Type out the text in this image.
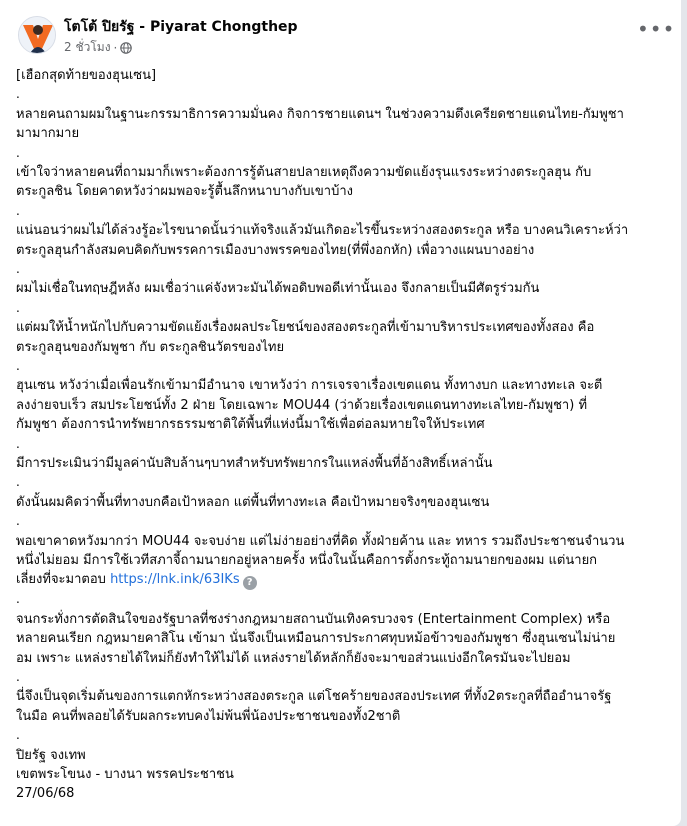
โตโต้ ปิยรัฐ - Piyarat Chongthep
2 ชั่วโมง ·
•••

[เฮือกสุดท้ายของฮุนเซน]

.

หลายคนถามผมในฐานะกรรมาธิการความมั่นคง กิจการชายแดนฯ ในช่วงความตึงเครียดชายแดนไทย-กัมพูชา

มามากมาย

.

เข้าใจว่าหลายคนที่ถามมาก็เพราะต้องการรู้ต้นสายปลายเหตุถึงความขัดแย้งรุนแรงระหว่างตระกูลฮุน กับ

ตระกูลชิน โดยคาดหวังว่าผมพอจะรู้ตื้นลึกหนาบางกับเขาบ้าง

.

แน่นอนว่าผมไม่ได้ล่วงรู้อะไรขนาดนั้นว่าแท้จริงแล้วมันเกิดอะไรขึ้นระหว่างสองตระกูล หรือ บางคนวิเคราะห์ว่า

ตระกูลฮุนกำลังสมคบคิดกับพรรคการเมืองบางพรรคของไทย(ที่พึ่งอกหัก) เพื่อวางแผนบางอย่าง

.

ผมไม่เชื่อในทฤษฎีหลัง ผมเชื่อว่าแค่จังหวะมันได้พอดิบพอดีเท่านั้นเอง จึงกลายเป็นมีศัตรูร่วมกัน

.

แต่ผมให้น้ำหนักไปกับความขัดแย้งเรื่องผลประโยชน์ของสองตระกูลที่เข้ามาบริหารประเทศของทั้งสอง คือ

ตระกูลฮุนของกัมพูชา กับ ตระกูลชินวัตรของไทย

.

ฮุนเซน หวังว่าเมื่อเพื่อนรักเข้ามามีอำนาจ เขาหวังว่า การเจรจาเรื่องเขตแดน ทั้งทางบก และทางทะเล จะตี

ลงง่ายจบเร็ว สมประโยชน์ทั้ง 2 ฝ่าย โดยเฉพาะ MOU44 (ว่าด้วยเรื่องเขตแดนทางทะเลไทย-กัมพูชา) ที่

กัมพูชา ต้องการนำทรัพยากรธรรมชาติใต้พื้นที่แห่งนี้มาใช้เพื่อต่อลมหายใจให้ประเทศ

.

มีการประเมินว่ามีมูลค่านับสิบล้านๆบาทสำหรับทรัพยากรในแหล่งพื้นที่อ้างสิทธิ์เหล่านั้น

.

ดังนั้นผมคิดว่าพื้นที่ทางบกคือเป้าหลอก แต่พื้นที่ทางทะเล คือเป้าหมายจริงๆของฮุนเซน

.

พอเขาคาดหวังมากว่า MOU44 จะจบง่าย แต่ไม่ง่ายอย่างที่คิด ทั้งฝ่ายค้าน และ ทหาร รวมถึงประชาชนจำนวน

หนึ่งไม่ยอม มีการใช้เวทีสภาจี้ถามนายกอยู่หลายครั้ง หนึ่งในนั้นคือการตั้งกระทู้ถามนายกของผม แต่นายก

เลี่ยงที่จะมาตอบ https://lnk.ink/63IKs ?

.

จนกระทั่งการตัดสินใจของรัฐบาลที่ชงร่างกฎหมายสถานบันเทิงครบวงจร (Entertainment Complex) หรือ

หลายคนเรียก กฎหมายคาสิโน เข้ามา นั่นจึงเป็นเหมือนการประกาศทุบหม้อข้าวของกัมพูชา ซึ่งฮุนเซนไม่น่าย

อม เพราะ แหล่งรายได้ใหม่ก็ยังทำให้ไม่ได้ แหล่งรายได้หลักก็ยังจะมาขอส่วนแบ่งอีกใครมันจะไปยอม

.

นี่จึงเป็นจุดเริ่มต้นของการแตกหักระหว่างสองตระกูล แต่โชคร้ายของสองประเทศ ที่ทั้ง2ตระกูลที่ถืออำนาจรัฐ

ในมือ คนที่พลอยได้รับผลกระทบคงไม่พ้นพี่น้องประชาชนของทั้ง2ชาติ

.

ปิยรัฐ จงเทพ

เขตพระโขนง - บางนา พรรคประชาชน

27/06/68
